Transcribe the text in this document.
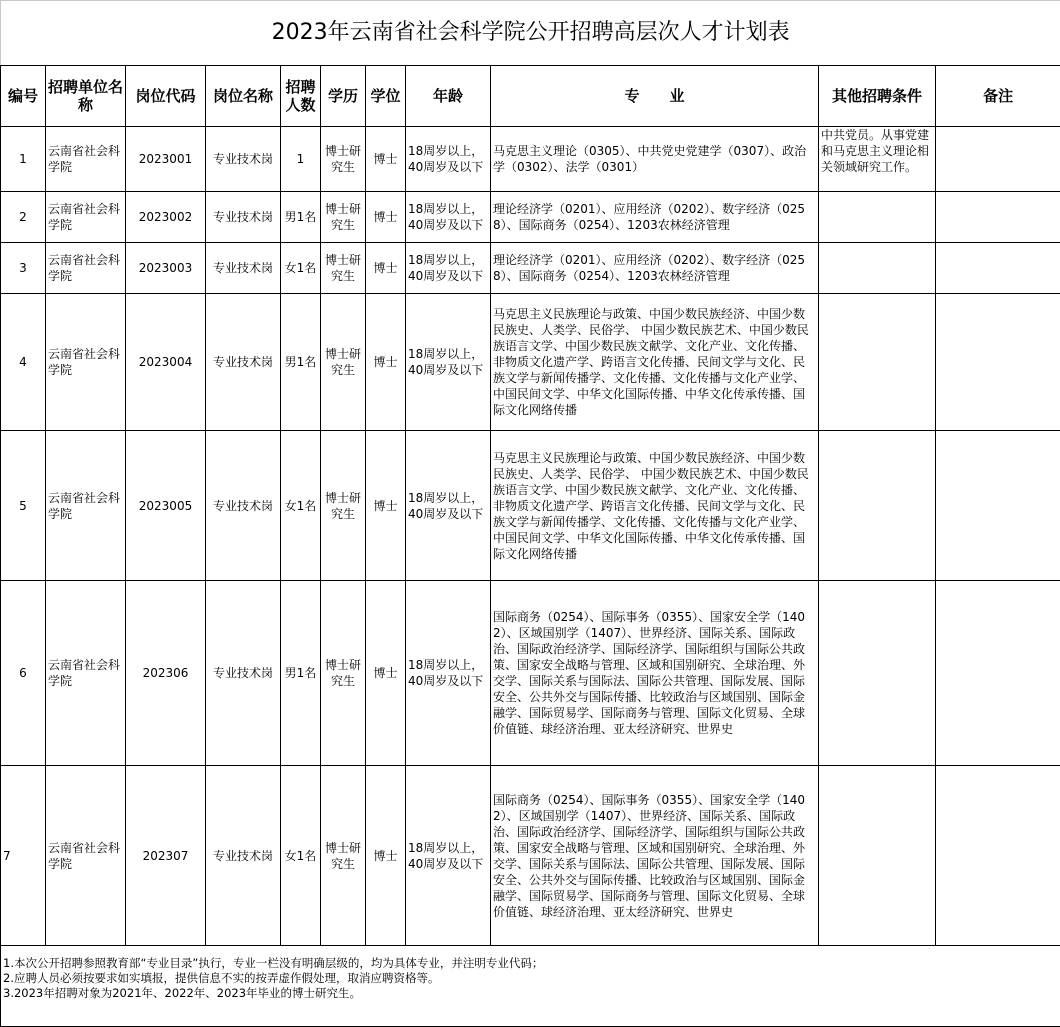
2023年云南省社会科学院公开招聘高层次人才计划表										
编号	招聘单位名称	岗位代码	岗位名称	招聘人数	学历	学位	年龄	专　　业	其他招聘条件	备注
1	云南省社会科学院	2023001	专业技术岗	1	博士研究生	博士	18周岁以上，40周岁及以下	马克思主义理论（0305）、中共党史党建学（0307）、政治学（0302）、法学（0301）	中共党员。从事党建和马克思主义理论相关领域研究工作。	
2	云南省社会科学院	2023002	专业技术岗	男1名	博士研究生	博士	18周岁以上，40周岁及以下	理论经济学（0201）、应用经济（0202）、数字经济（0258）、国际商务（0254）、1203农林经济管理		
3	云南省社会科学院	2023003	专业技术岗	女1名	博士研究生	博士	18周岁以上，40周岁及以下	理论经济学（0201）、应用经济（0202）、数字经济（0258）、国际商务（0254）、1203农林经济管理		
4	云南省社会科学院	2023004	专业技术岗	男1名	博士研究生	博士	18周岁以上，40周岁及以下	马克思主义民族理论与政策、中国少数民族经济、中国少数民族史、人类学、民俗学、 中国少数民族艺术、中国少数民族语言文学、中国少数民族文献学、文化产业、文化传播、非物质文化遗产学、跨语言文化传播、民间文学与文化、民族文学与新闻传播学、文化传播、文化传播与文化产业学、中国民间文学、中华文化国际传播、中华文化传承传播、国际文化网络传播		
5	云南省社会科学院	2023005	专业技术岗	女1名	博士研究生	博士	18周岁以上，40周岁及以下	马克思主义民族理论与政策、中国少数民族经济、中国少数民族史、人类学、民俗学、 中国少数民族艺术、中国少数民族语言文学、中国少数民族文献学、文化产业、文化传播、非物质文化遗产学、跨语言文化传播、民间文学与文化、民族文学与新闻传播学、文化传播、文化传播与文化产业学、中国民间文学、中华文化国际传播、中华文化传承传播、国际文化网络传播		
6	云南省社会科学院	202306	专业技术岗	男1名	博士研究生	博士	18周岁以上，40周岁及以下	国际商务（0254）、国际事务（0355）、国家安全学（1402）、区域国别学（1407）、世界经济、国际关系、国际政治、国际政治经济学、国际经济学、国际组织与国际公共政策、国家安全战略与管理、区域和国别研究、全球治理、外交学、国际关系与国际法、国际公共管理、国际发展、国际安全、公共外交与国际传播、比较政治与区域国别、国际金融学、国际贸易学、国际商务与管理、国际文化贸易、全球价值链、球经济治理、亚太经济研究、世界史		
7	云南省社会科学院	202307	专业技术岗	女1名	博士研究生	博士	18周岁以上，40周岁及以下	国际商务（0254）、国际事务（0355）、国家安全学（1402）、区域国别学（1407）、世界经济、国际关系、国际政治、国际政治经济学、国际经济学、国际组织与国际公共政策、国家安全战略与管理、区域和国别研究、全球治理、外交学、国际关系与国际法、国际公共管理、国际发展、国际安全、公共外交与国际传播、比较政治与区域国别、国际金融学、国际贸易学、国际商务与管理、国际文化贸易、全球价值链、球经济治理、亚太经济研究、世界史		

1.本次公开招聘参照教育部“专业目录”执行，专业一栏没有明确层级的，均为具体专业，并注明专业代码；
2.应聘人员必须按要求如实填报，提供信息不实的按弄虚作假处理，取消应聘资格等。
3.2023年招聘对象为2021年、2022年、2023年毕业的博士研究生。										
